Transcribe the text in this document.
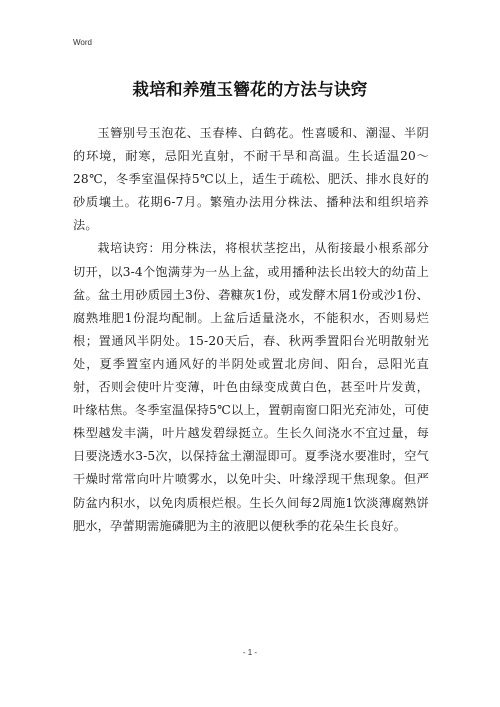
Word
栽培和养殖玉簪花的方法与诀窍

玉簪别号玉泡花、玉春棒、白鹤花。性喜暖和、潮湿、半阴的环境，耐寒，忌阳光直射，不耐干旱和高温。生长适温20～28℃，冬季室温保持5℃以上，适生于疏松、肥沃、排水良好的砂质壤土。花期6-7月。繁殖办法用分株法、播种法和组织培养法。

栽培诀窍：用分株法，将根状茎挖出，从衔接最小根系部分切开，以3-4个饱满芽为一丛上盆，或用播种法长出较大的幼苗上盆。盆土用砂质园土3份、砻糠灰1份，或发酵木屑1份或沙1份、腐熟堆肥1份混均配制。上盆后适量浇水，不能积水，否则易烂根；置通风半阴处。15-20天后，春、秋两季置阳台光明散射光处，夏季置室内通风好的半阴处或置北房间、阳台，忌阳光直射，否则会使叶片变薄，叶色由绿变成黄白色，甚至叶片发黄，叶缘枯焦。冬季室温保持5℃以上，置朝南窗口阳光充沛处，可使株型越发丰满，叶片越发碧绿挺立。生长久间浇水不宜过量，每日要浇透水3-5次，以保持盆土潮湿即可。夏季浇水要准时，空气干燥时常常向叶片喷雾水，以免叶尖、叶缘浮现干焦现象。但严防盆内积水，以免肉质根烂根。生长久间每2周施1饮淡薄腐熟饼肥水，孕蕾期需施磷肥为主的液肥以便秋季的花朵生长良好。

- 1 -
